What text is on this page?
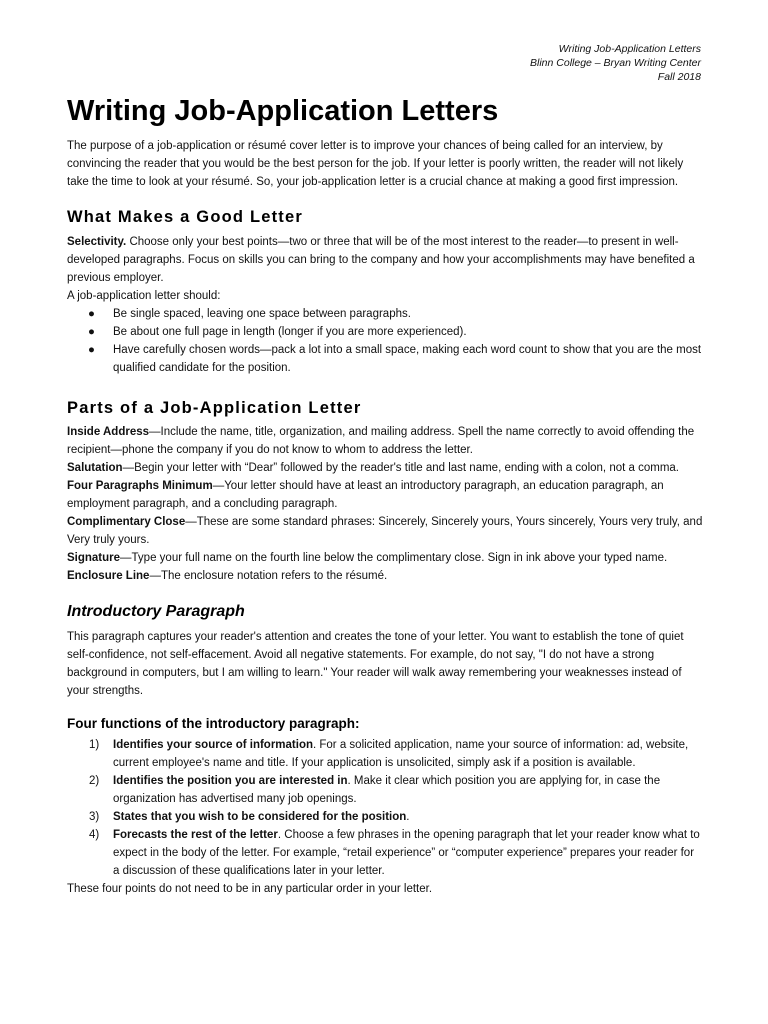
Writing Job-Application Letters
Blinn College – Bryan Writing Center
Fall 2018
Writing Job-Application Letters

The purpose of a job-application or résumé cover letter is to improve your chances of being called for an interview, by convincing the reader that you would be the best person for the job. If your letter is poorly written, the reader will not likely take the time to look at your résumé. So, your job-application letter is a crucial chance at making a good first impression.

What Makes a Good Letter

Selectivity. Choose only your best points—two or three that will be of the most interest to the reader—to present in well-developed paragraphs. Focus on skills you can bring to the company and how your accomplishments may have benefited a previous employer.

A job-application letter should:

● Be single spaced, leaving one space between paragraphs.
● Be about one full page in length (longer if you are more experienced).
● Have carefully chosen words—pack a lot into a small space, making each word count to show that you are the most qualified candidate for the position.
Parts of a Job-Application Letter

Inside Address—Include the name, title, organization, and mailing address. Spell the name correctly to avoid offending the recipient—phone the company if you do not know to whom to address the letter.

Salutation—Begin your letter with “Dear” followed by the reader's title and last name, ending with a colon, not a comma.

Four Paragraphs Minimum—Your letter should have at least an introductory paragraph, an education paragraph, an employment paragraph, and a concluding paragraph.

Complimentary Close—These are some standard phrases: Sincerely, Sincerely yours, Yours sincerely, Yours very truly, and Very truly yours.

Signature—Type your full name on the fourth line below the complimentary close. Sign in ink above your typed name.

Enclosure Line—The enclosure notation refers to the résumé.

Introductory Paragraph

This paragraph captures your reader's attention and creates the tone of your letter. You want to establish the tone of quiet self-confidence, not self-effacement. Avoid all negative statements. For example, do not say, "I do not have a strong background in computers, but I am willing to learn." Your reader will walk away remembering your weaknesses instead of your strengths.

Four functions of the introductory paragraph:
1) Identifies your source of information. For a solicited application, name your source of information: ad, website, current employee's name and title. If your application is unsolicited, simply ask if a position is available.
2) Identifies the position you are interested in. Make it clear which position you are applying for, in case the organization has advertised many job openings.
3) States that you wish to be considered for the position.
4) Forecasts the rest of the letter. Choose a few phrases in the opening paragraph that let your reader know what to expect in the body of the letter. For example, “retail experience” or “computer experience” prepares your reader for a discussion of these qualifications later in your letter.

These four points do not need to be in any particular order in your letter.
